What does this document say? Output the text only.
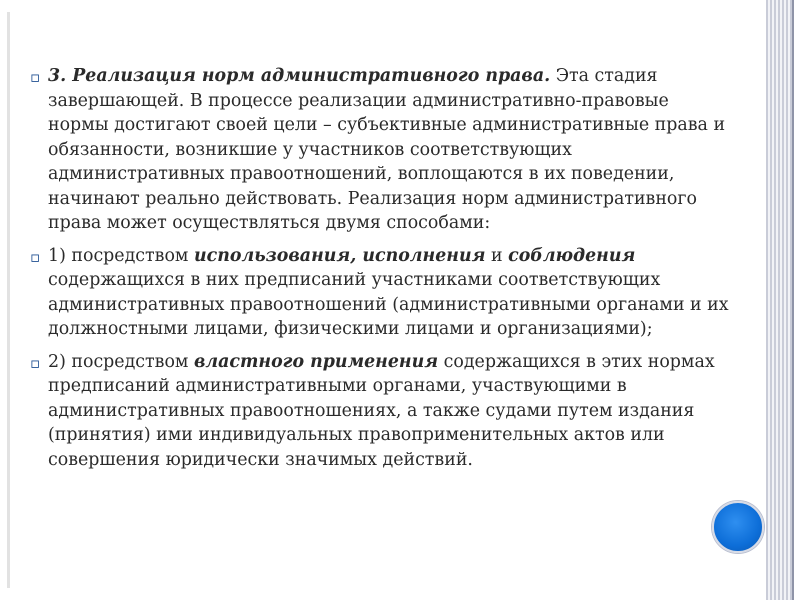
▫ 3. Реализация норм административного права. Эта стадия завершающей. В процессе реализации административно-правовые нормы достигают своей цели – субъективные административные права и обязанности, возникшие у участников соответствующих административных правоотношений, воплощаются в их поведении, начинают реально действовать. Реализация норм административного права может осуществляться двумя способами:

▫ 1) посредством использования, исполнения и соблюдения содержащихся в них предписаний участниками соответствующих административных правоотношений (административными органами и их должностными лицами, физическими лицами и организациями);

▫ 2) посредством властного применения содержащихся в этих нормах предписаний административными органами, участвующими в административных правоотношениях, а также судами путем издания (принятия) ими индивидуальных правоприменительных актов или совершения юридически значимых действий.
